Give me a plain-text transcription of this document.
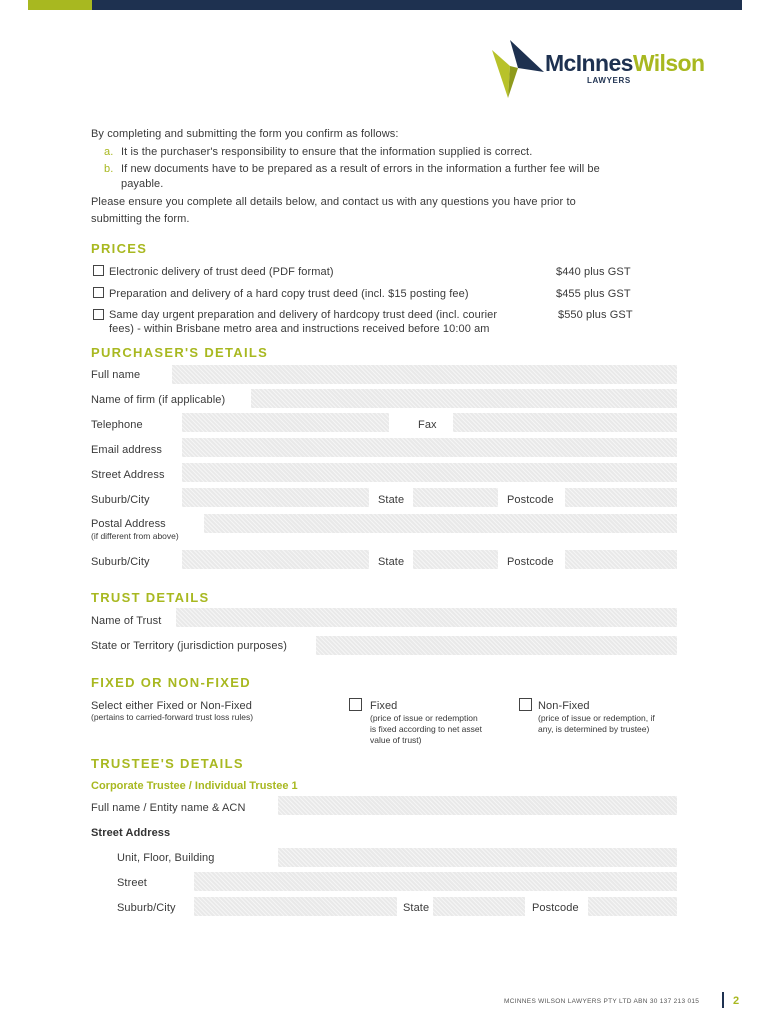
McInnesWilson
LAWYERS
By completing and submitting the form you confirm as follows:
a. It is the purchaser's responsibility to ensure that the information supplied is correct.
b. If new documents have to be prepared as a result of errors in the information a further fee will be
payable.
Please ensure you complete all details below, and contact us with any questions you have prior to
submitting the form.
PRICES
Electronic delivery of trust deed (PDF format)	$440 plus GST
Preparation and delivery of a hard copy trust deed (incl. $15 posting fee)	$455 plus GST
Same day urgent preparation and delivery of hardcopy trust deed (incl. courier
fees) - within Brisbane metro area and instructions received before 10:00 am
$550 plus GST
PURCHASER'S DETAILS
Full name
Name of firm (if applicable)
Telephone	Fax
Email address
Street Address
Suburb/City	State	Postcode
Postal Address
(if different from above)
Suburb/City	State	Postcode
TRUST DETAILS
Name of Trust
State or Territory (jurisdiction purposes)
FIXED OR NON-FIXED
Select either Fixed or Non-Fixed
(pertains to carried-forward trust loss rules)
Fixed
(price of issue or redemption
is fixed according to net asset
value of trust)
Non-Fixed
(price of issue or redemption, if
any, is determined by trustee)
TRUSTEE'S DETAILS
Corporate Trustee / Individual Trustee 1
Full name / Entity name & ACN
Street Address
Unit, Floor, Building
Street
Suburb/City	State	Postcode
MCINNES WILSON LAWYERS PTY LTD ABN 30 137 213 015	2
